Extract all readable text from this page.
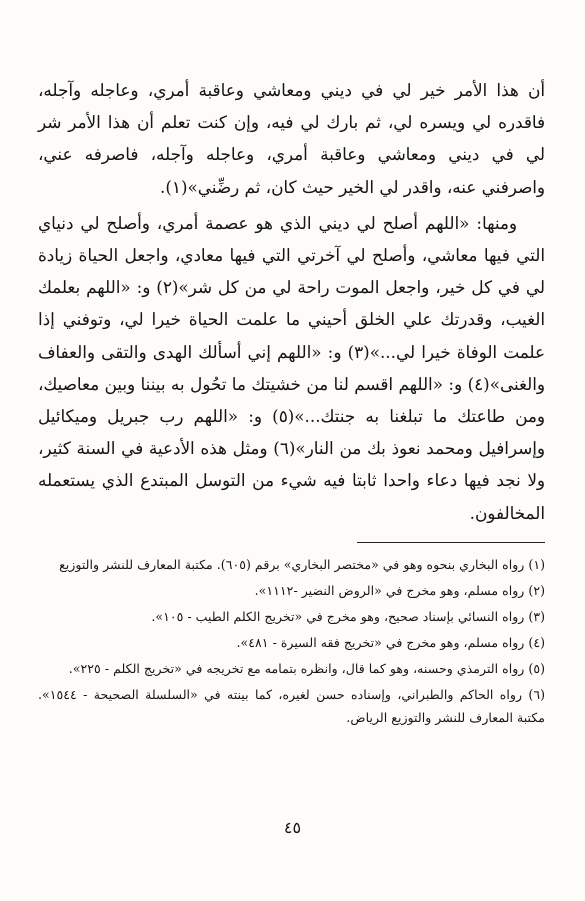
أن هذا الأمر خير لي في ديني ومعاشي وعاقبة أمري، وعاجله وآجله، فاقدره لي ويسره لي، ثم بارك لي فيه، وإن كنت تعلم أن هذا الأمر شر لي في ديني ومعاشي وعاقبة أمري، وعاجله وآجله، فاصرفه عني، واصرفني عنه، واقدر لي الخير حيث كان، ثم رضِّني»(١).

ومنها: «اللهم أصلح لي ديني الذي هو عصمة أمري، وأصلح لي دنياي التي فيها معاشي، وأصلح لي آخرتي التي فيها معادي، واجعل الحياة زيادة لي في كل خير، واجعل الموت راحة لي من كل شر»(٢) و: «اللهم بعلمك الغيب، وقدرتك علي الخلق أحيني ما علمت الحياة خيرا لي، وتوفني إذا علمت الوفاة خيرا لي...»(٣) و: «اللهم إني أسألك الهدى والتقى والعفاف والغنى»(٤) و: «اللهم اقسم لنا من خشيتك ما تحُول به بيننا وبين معاصيك، ومن طاعتك ما تبلغنا به جنتك...»(٥) و: «اللهم رب جبريل وميكائيل وإسرافيل ومحمد نعوذ بك من النار»(٦) ومثل هذه الأدعية في السنة كثير، ولا نجد فيها دعاء واحدا ثابتا فيه شيء من التوسل المبتدع الذي يستعمله المخالفون.

(١) رواه البخاري بنحوه وهو في «مختصر البخاري» برقم (٦٠٥). مكتبة المعارف للنشر والتوزيع

(٢) رواه مسلم، وهو مخرج في «الروض النضير -١١١٢».

(٣) رواه النسائي بإسناد صحيح، وهو مخرج في «تخريج الكلم الطيب - ١٠٥».

(٤) رواه مسلم، وهو مخرج في «تخريج فقه السيرة - ٤٨١».

(٥) رواه الترمذي وحسنه، وهو كما قال، وانظره بتمامه مع تخريجه في «تخريج الكلم - ٢٢٥».

(٦) رواه الحاكم والطبراني، وإسناده حسن لغيره، كما بينته في «السلسلة الصحيحة - ١٥٤٤». مكتبة المعارف للنشر والتوزيع الرياض.

٤٥
